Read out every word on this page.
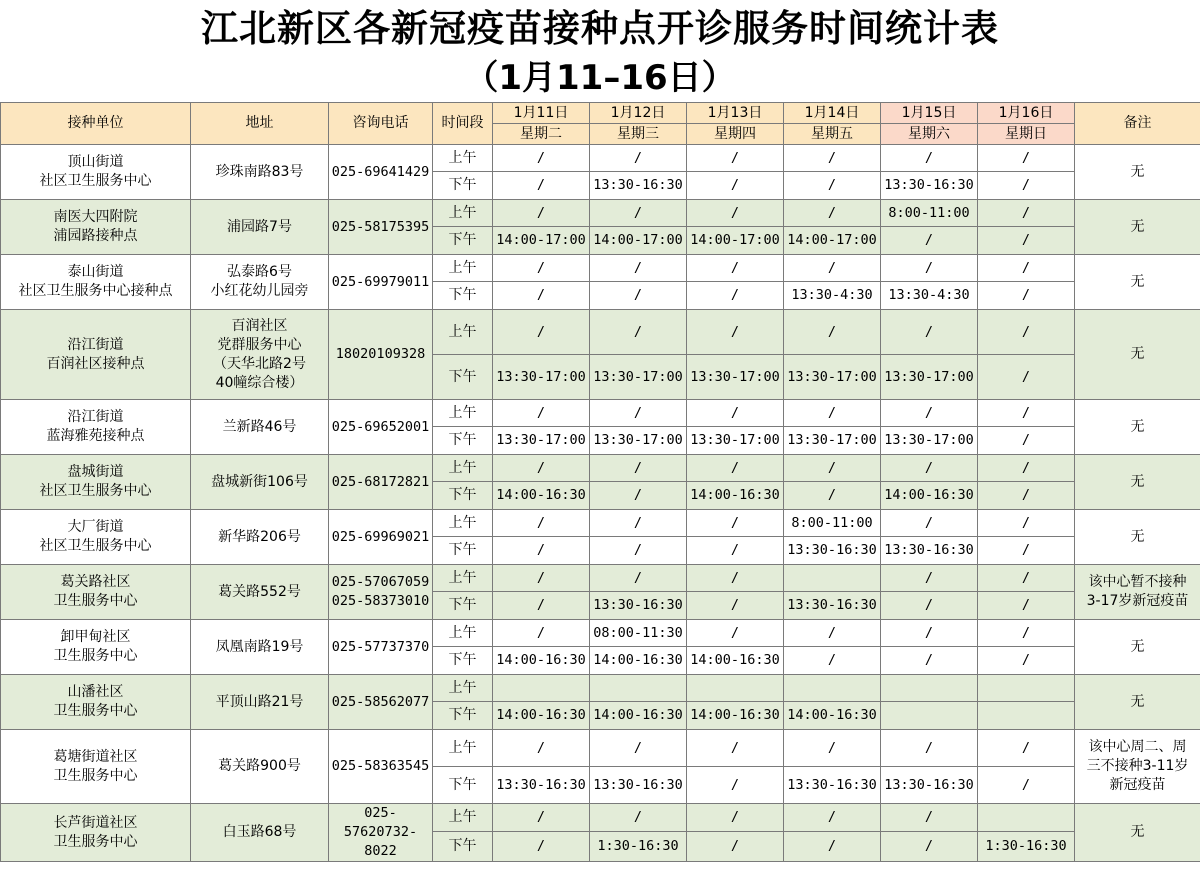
江北新区各新冠疫苗接种点开诊服务时间统计表
（1月11–16日）
接种单位	地址	咨询电话	时间段	1月11日	1月12日	1月13日	1月14日	1月15日	1月16日	备注
				星期二	星期三	星期四	星期五	星期六	星期日	
顶山街道
社区卫生服务中心	珍珠南路83号	025-69641429	上午	/	/	/	/	/	/	无
			下午	/	13:30-16:30	/	/	13:30-16:30	/	
南医大四附院
浦园路接种点	浦园路7号	025-58175395	上午	/	/	/	/	8:00-11:00	/	无
			下午	14:00-17:00	14:00-17:00	14:00-17:00	14:00-17:00	/	/	
泰山街道
社区卫生服务中心接种点	弘泰路6号
小红花幼儿园旁	025-69979011	上午	/	/	/	/	/	/	无
			下午	/	/	/	13:30-4:30	13:30-4:30	/	
沿江街道
百润社区接种点	百润社区
党群服务中心
（天华北路2号
40幢综合楼）	18020109328	上午	/	/	/	/	/	/	无
			下午	13:30-17:00	13:30-17:00	13:30-17:00	13:30-17:00	13:30-17:00	/	
沿江街道
蓝海雅苑接种点	兰新路46号	025-69652001	上午	/	/	/	/	/	/	无
			下午	13:30-17:00	13:30-17:00	13:30-17:00	13:30-17:00	13:30-17:00	/	
盘城街道
社区卫生服务中心	盘城新街106号	025-68172821	上午	/	/	/	/	/	/	无
			下午	14:00-16:30	/	14:00-16:30	/	14:00-16:30	/	
大厂街道
社区卫生服务中心	新华路206号	025-69969021	上午	/	/	/	8:00-11:00	/	/	无
			下午	/	/	/	13:30-16:30	13:30-16:30	/	
葛关路社区
卫生服务中心	葛关路552号	025-57067059
025-58373010	上午	/	/	/		/	/	该中心暂不接种
3-17岁新冠疫苗
			下午	/	13:30-16:30	/	13:30-16:30	/	/	
卸甲甸社区
卫生服务中心	凤凰南路19号	025-57737370	上午	/	08:00-11:30	/	/	/	/	无
			下午	14:00-16:30	14:00-16:30	14:00-16:30	/	/	/	
山潘社区
卫生服务中心	平顶山路21号	025-58562077	上午							无
			下午	14:00-16:30	14:00-16:30	14:00-16:30	14:00-16:30			
葛塘街道社区
卫生服务中心	葛关路900号	025-58363545	上午	/	/	/	/	/	/	该中心周二、周
三不接种3-11岁
新冠疫苗
			下午	13:30-16:30	13:30-16:30	/	13:30-16:30	13:30-16:30	/	
长芦街道社区
卫生服务中心	白玉路68号	025-
57620732-
8022	上午	/	/	/	/	/		无
			下午	/	1:30-16:30	/	/	/	1:30-16:30	
